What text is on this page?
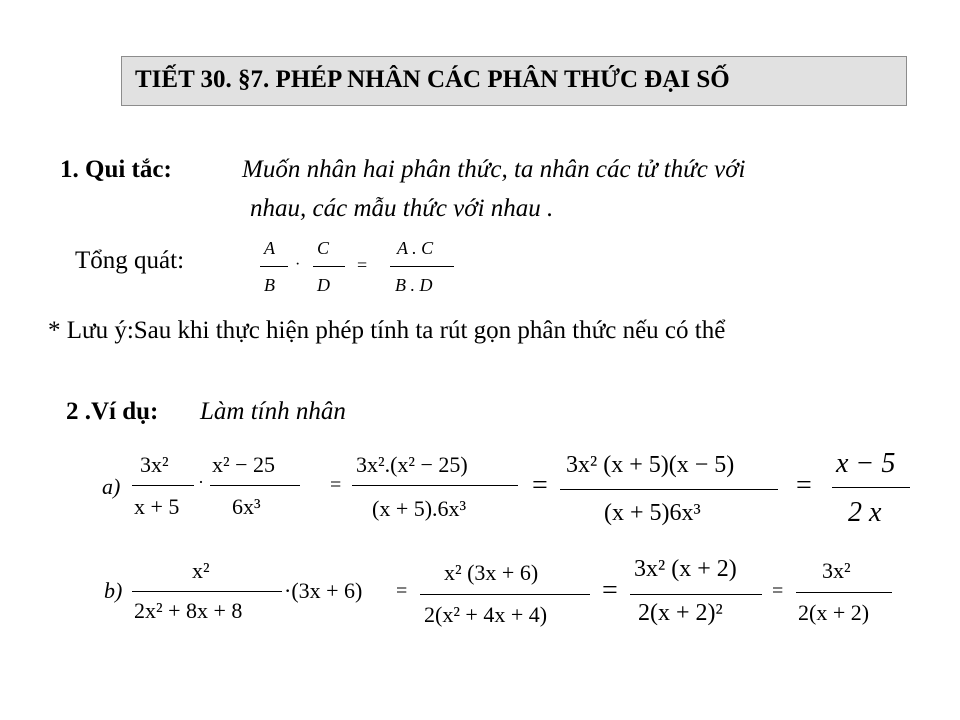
TIẾT 30. §7. PHÉP NHÂN CÁC PHÂN THỨC ĐẠI SỐ
1. Qui tắc:	Muốn nhân hai phân thức, ta nhân các tử thức với
nhau, các mẫu thức với nhau .
Tổng quát:	A
B
·
C
D
=
A . C
B . D
* Lưu ý:Sau khi thực hiện phép tính ta rút gọn phân thức nếu có thể
2 .Ví dụ: Làm tính nhân
a)
3x²
x + 5
·
x² − 25
6x³
=
3x².(x² − 25)
(x + 5).6x³
=
3x² (x + 5)(x − 5)
(x + 5)6x³
=
x − 5
2 x
b)
x²
2x² + 8x + 8
·(3x + 6) =
x² (3x + 6)
2(x² + 4x + 4)
=
3x² (x + 2)
2(x + 2)²
=
3x²
2(x + 2)
